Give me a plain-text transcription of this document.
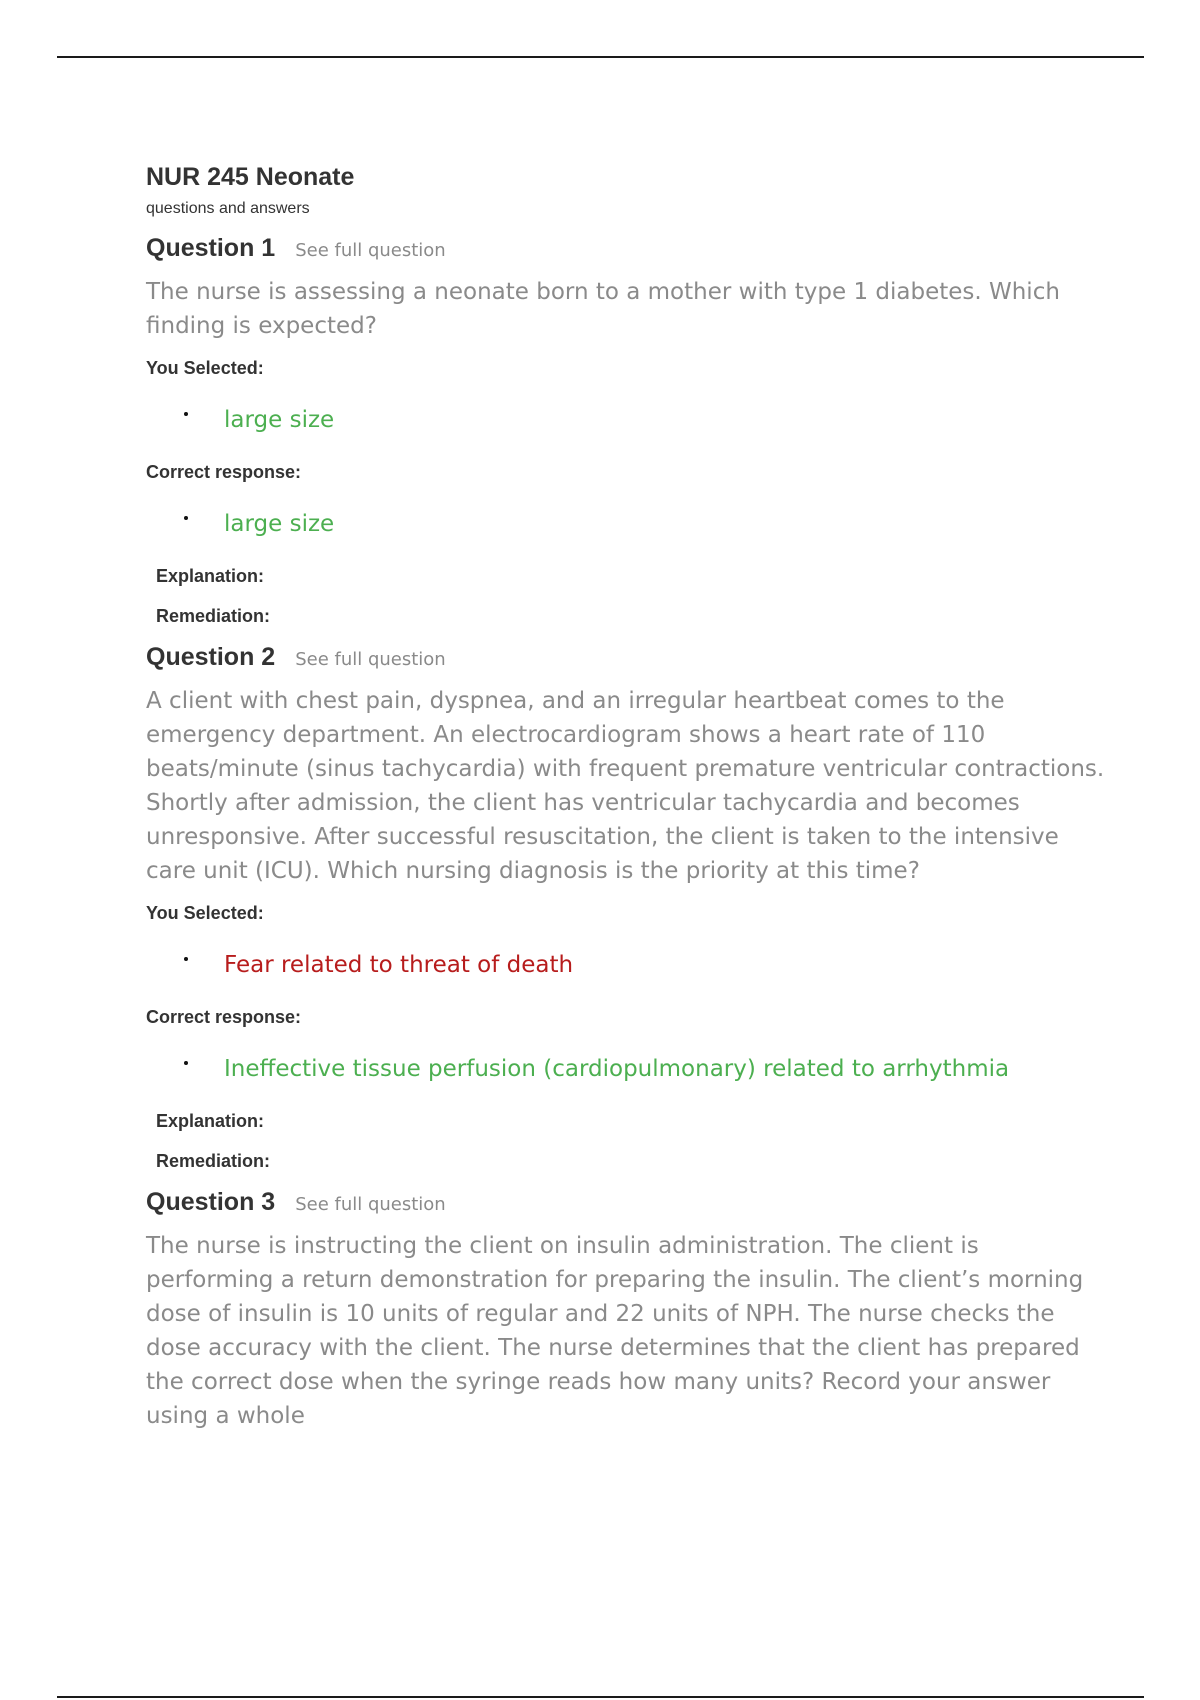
NUR 245 Neonate

questions and answers

Question 1 See full question

The nurse is assessing a neonate born to a mother with type 1 diabetes. Which finding is expected?

You Selected:
large size
Correct response:
large size
Explanation:
Remediation:
Question 2 See full question

A client with chest pain, dyspnea, and an irregular heartbeat comes to the emergency department. An electrocardiogram shows a heart rate of 110 beats/minute (sinus tachycardia) with frequent premature ventricular contractions. Shortly after admission, the client has ventricular tachycardia and becomes unresponsive. After successful resuscitation, the client is taken to the intensive care unit (ICU). Which nursing diagnosis is the priority at this time?

You Selected:
Fear related to threat of death
Correct response:
Ineffective tissue perfusion (cardiopulmonary) related to arrhythmia
Explanation:
Remediation:
Question 3 See full question

The nurse is instructing the client on insulin administration. The client is performing a return demonstration for preparing the insulin. The client’s morning dose of insulin is 10 units of regular and 22 units of NPH. The nurse checks the dose accuracy with the client. The nurse determines that the client has prepared the correct dose when the syringe reads how many units? Record your answer using a whole
